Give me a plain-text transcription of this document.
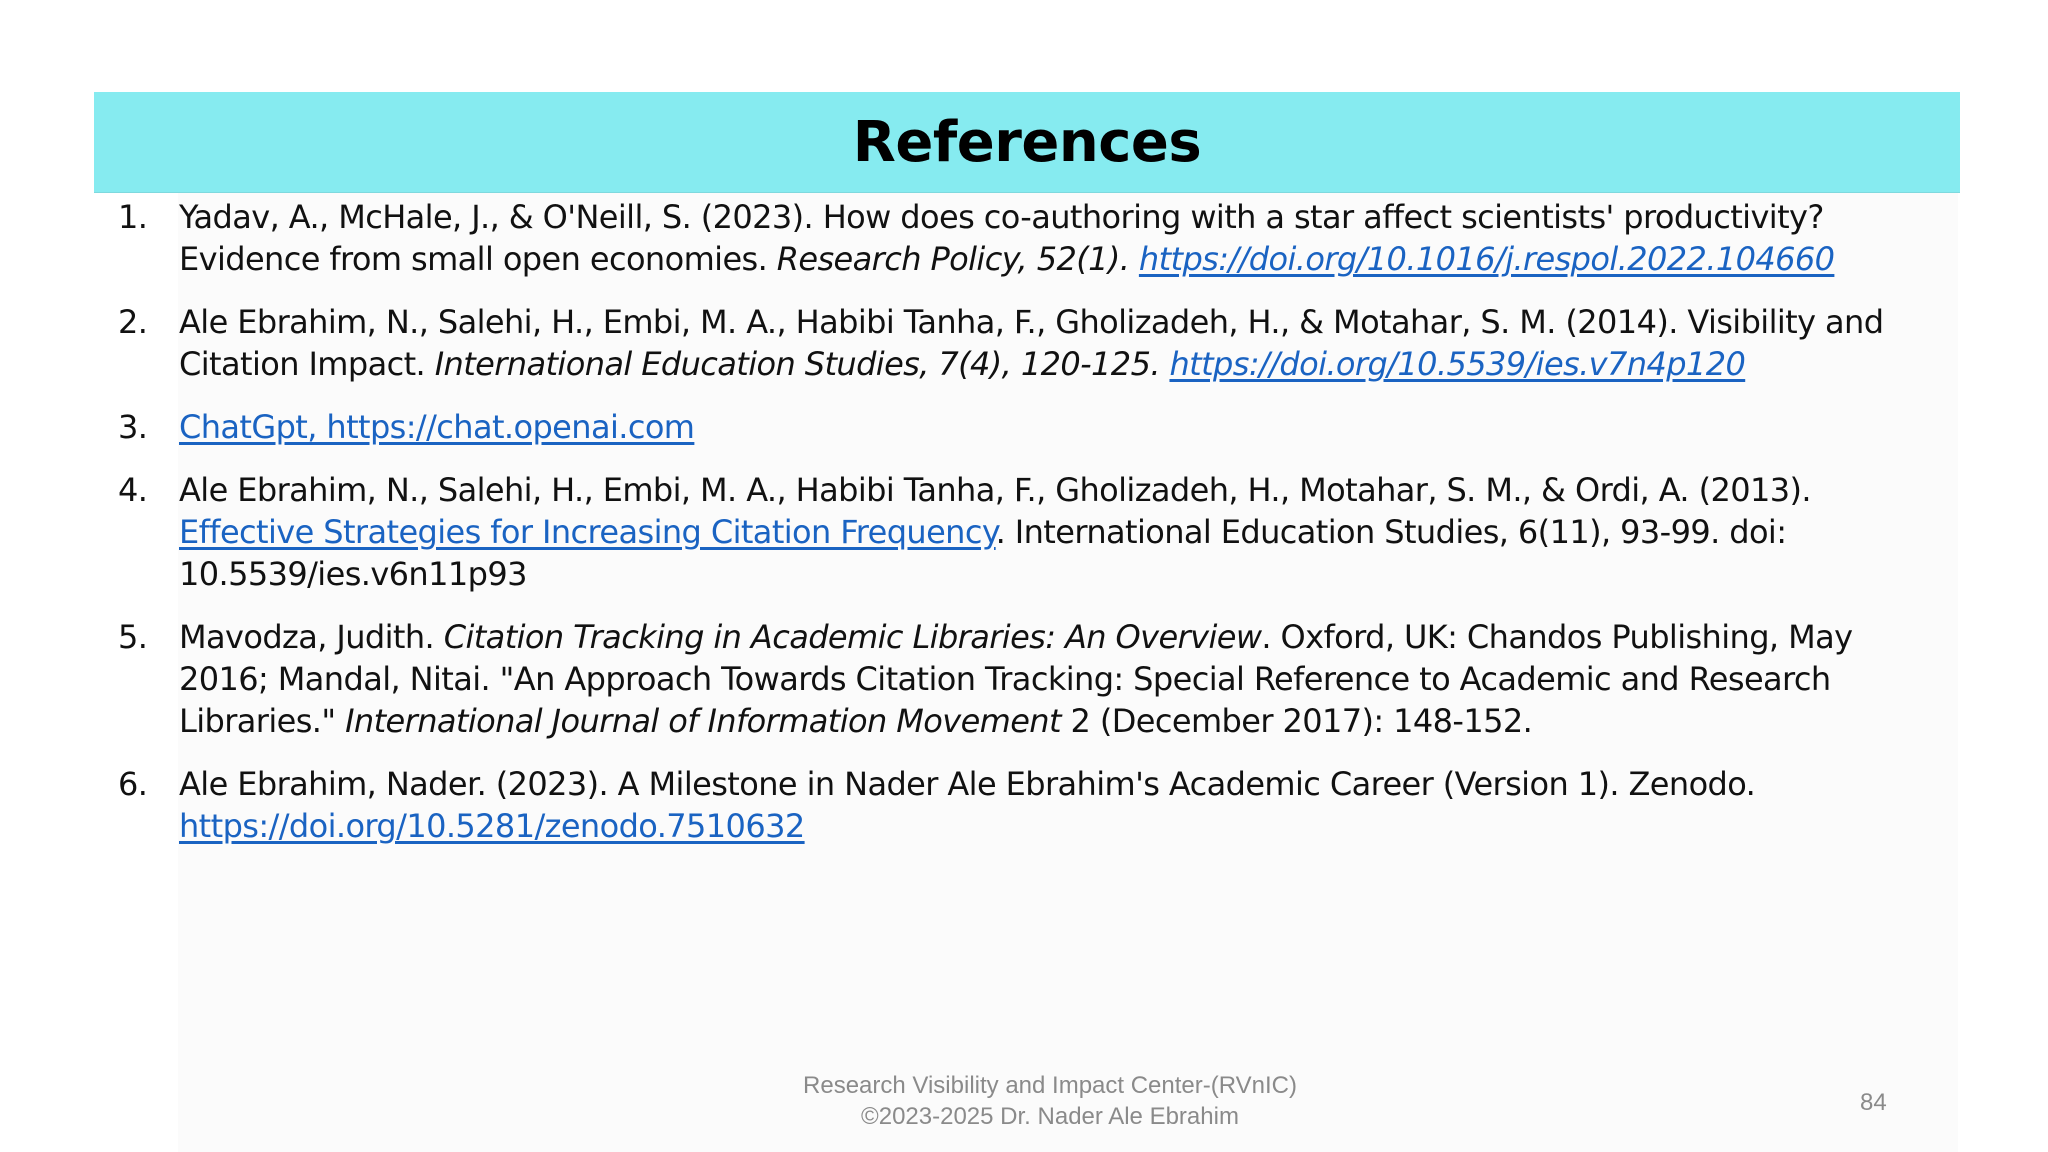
References
1. Yadav, A., McHale, J., & O'Neill, S. (2023). How does co-authoring with a star affect scientists' productivity? Evidence from small open economies. Research Policy, 52(1). https://doi.org/10.1016/j.respol.2022.104660
2. Ale Ebrahim, N., Salehi, H., Embi, M. A., Habibi Tanha, F., Gholizadeh, H., & Motahar, S. M. (2014). Visibility and Citation Impact. International Education Studies, 7(4), 120-125. https://doi.org/10.5539/ies.v7n4p120
3. ChatGpt, https://chat.openai.com
4. Ale Ebrahim, N., Salehi, H., Embi, M. A., Habibi Tanha, F., Gholizadeh, H., Motahar, S. M., & Ordi, A. (2013). Effective Strategies for Increasing Citation Frequency. International Education Studies, 6(11), 93-99. doi: 10.5539/ies.v6n11p93
5. Mavodza, Judith. Citation Tracking in Academic Libraries: An Overview. Oxford, UK: Chandos Publishing, May 2016; Mandal, Nitai. "An Approach Towards Citation Tracking: Special Reference to Academic and Research Libraries." International Journal of Information Movement 2 (December 2017): 148-152.
6. Ale Ebrahim, Nader. (2023). A Milestone in Nader Ale Ebrahim's Academic Career (Version 1). Zenodo. https://doi.org/10.5281/zenodo.7510632
Research Visibility and Impact Center-(RVnIC)
©2023-2025 Dr. Nader Ale Ebrahim
84
